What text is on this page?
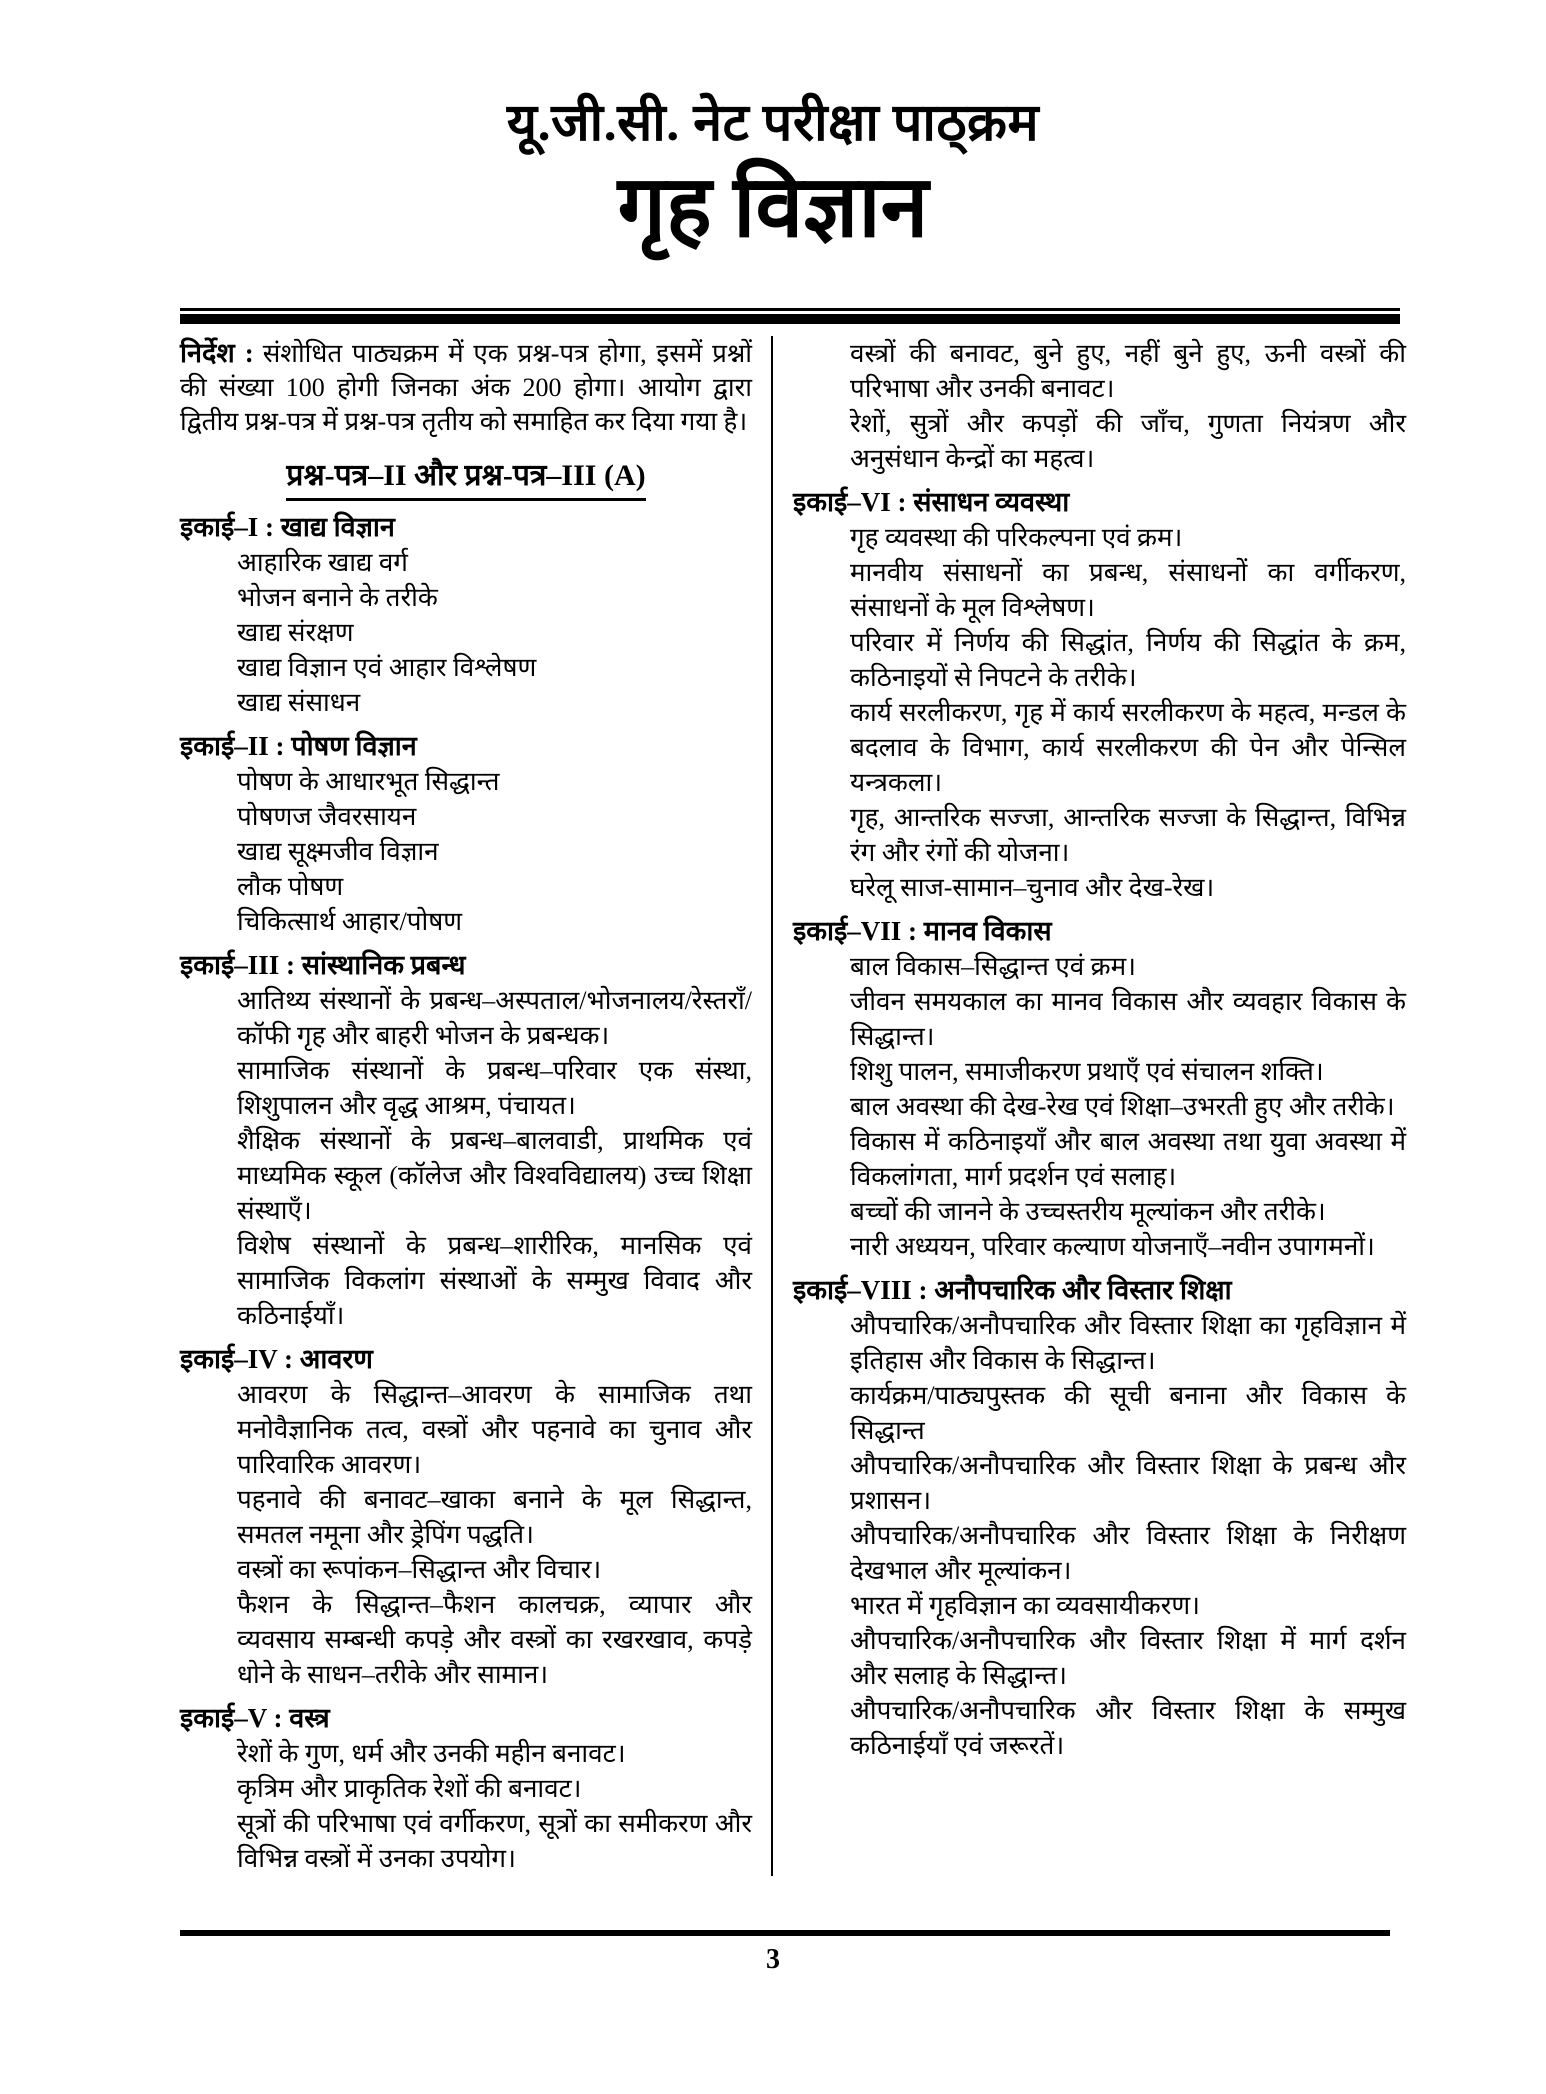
यू.जी.सी. नेट परीक्षा पाठ्क्रम
गृह विज्ञान

निर्देश : संशोधित पाठ्यक्रम में एक प्रश्न-पत्र होगा, इसमें प्रश्नों की संख्या 100 होगी जिनका अंक 200 होगा। आयोग द्वारा द्वितीय प्रश्न-पत्र में प्रश्न-पत्र तृतीय को समाहित कर दिया गया है।

प्रश्न-पत्र–II और प्रश्न-पत्र–III (A)
इकाई–I : खाद्य विज्ञान
आहारिक खाद्य वर्ग
भोजन बनाने के तरीके
खाद्य संरक्षण
खाद्य विज्ञान एवं आहार विश्लेषण
खाद्य संसाधन
इकाई–II : पोषण विज्ञान
पोषण के आधारभूत सिद्धान्त
पोषणज जैवरसायन
खाद्य सूक्ष्मजीव विज्ञान
लौक पोषण
चिकित्सार्थ आहार/पोषण
इकाई–III : सांस्थानिक प्रबन्ध
आतिथ्य संस्थानों के प्रबन्ध–अस्पताल/भोजनालय/रेस्तराँ/कॉफी गृह और बाहरी भोजन के प्रबन्धक।
सामाजिक संस्थानों के प्रबन्ध–परिवार एक संस्था, शिशुपालन और वृद्ध आश्रम, पंचायत।
शैक्षिक संस्थानों के प्रबन्ध–बालवाडी, प्राथमिक एवं माध्यमिक स्कूल (कॉलेज और विश्वविद्यालय) उच्च शिक्षा संस्थाएँ।
विशेष संस्थानों के प्रबन्ध–शारीरिक, मानसिक एवं सामाजिक विकलांग संस्थाओं के सम्मुख विवाद और कठिनाईयाँ।
इकाई–IV : आवरण
आवरण के सिद्धान्त–आवरण के सामाजिक तथा मनोवैज्ञानिक तत्व, वस्त्रों और पहनावे का चुनाव और पारिवारिक आवरण।
पहनावे की बनावट–खाका बनाने के मूल सिद्धान्त, समतल नमूना और ड्रेपिंग पद्धति।
वस्त्रों का रूपांकन–सिद्धान्त और विचार।
फैशन के सिद्धान्त–फैशन कालचक्र, व्यापार और व्यवसाय सम्बन्धी कपड़े और वस्त्रों का रखरखाव, कपड़े धोने के साधन–तरीके और सामान।
इकाई–V : वस्त्र
रेशों के गुण, धर्म और उनकी महीन बनावट।
कृत्रिम और प्राकृतिक रेशों की बनावट।
सूत्रों की परिभाषा एवं वर्गीकरण, सूत्रों का समीकरण और विभिन्न वस्त्रों में उनका उपयोग।
वस्त्रों की बनावट, बुने हुए, नहीं बुने हुए, ऊनी वस्त्रों की परिभाषा और उनकी बनावट।
रेशों, सुत्रों और कपड़ों की जाँच, गुणता नियंत्रण और अनुसंधान केन्द्रों का महत्व।
इकाई–VI : संसाधन व्यवस्था
गृह व्यवस्था की परिकल्पना एवं क्रम।
मानवीय संसाधनों का प्रबन्ध, संसाधनों का वर्गीकरण, संसाधनों के मूल विश्लेषण।
परिवार में निर्णय की सिद्धांत, निर्णय की सिद्धांत के क्रम, कठिनाइयों से निपटने के तरीके।
कार्य सरलीकरण, गृह में कार्य सरलीकरण के महत्व, मन्डल के बदलाव के विभाग, कार्य सरलीकरण की पेन और पेन्सिल यन्त्रकला।
गृह, आन्तरिक सज्जा, आन्तरिक सज्जा के सिद्धान्त, विभिन्न रंग और रंगों की योजना।
घरेलू साज-सामान–चुनाव और देख-रेख।
इकाई–VII : मानव विकास
बाल विकास–सिद्धान्त एवं क्रम।
जीवन समयकाल का मानव विकास और व्यवहार विकास के सिद्धान्त।
शिशु पालन, समाजीकरण प्रथाएँ एवं संचालन शक्ति।
बाल अवस्था की देख-रेख एवं शिक्षा–उभरती हुए और तरीके।
विकास में कठिनाइयाँ और बाल अवस्था तथा युवा अवस्था में विकलांगता, मार्ग प्रदर्शन एवं सलाह।
बच्चों की जानने के उच्चस्तरीय मूल्यांकन और तरीके।
नारी अध्ययन, परिवार कल्याण योजनाएँ–नवीन उपागमनों।
इकाई–VIII : अनौपचारिक और विस्तार शिक्षा
औपचारिक/अनौपचारिक और विस्तार शिक्षा का गृहविज्ञान में इतिहास और विकास के सिद्धान्त।
कार्यक्रम/पाठ्यपुस्तक की सूची बनाना और विकास के सिद्धान्त
औपचारिक/अनौपचारिक और विस्तार शिक्षा के प्रबन्ध और प्रशासन।
औपचारिक/अनौपचारिक और विस्तार शिक्षा के निरीक्षण देखभाल और मूल्यांकन।
भारत में गृहविज्ञान का व्यवसायीकरण।
औपचारिक/अनौपचारिक और विस्तार शिक्षा में मार्ग दर्शन और सलाह के सिद्धान्त।
औपचारिक/अनौपचारिक और विस्तार शिक्षा के सम्मुख कठिनाईयाँ एवं जरूरतें।
3
